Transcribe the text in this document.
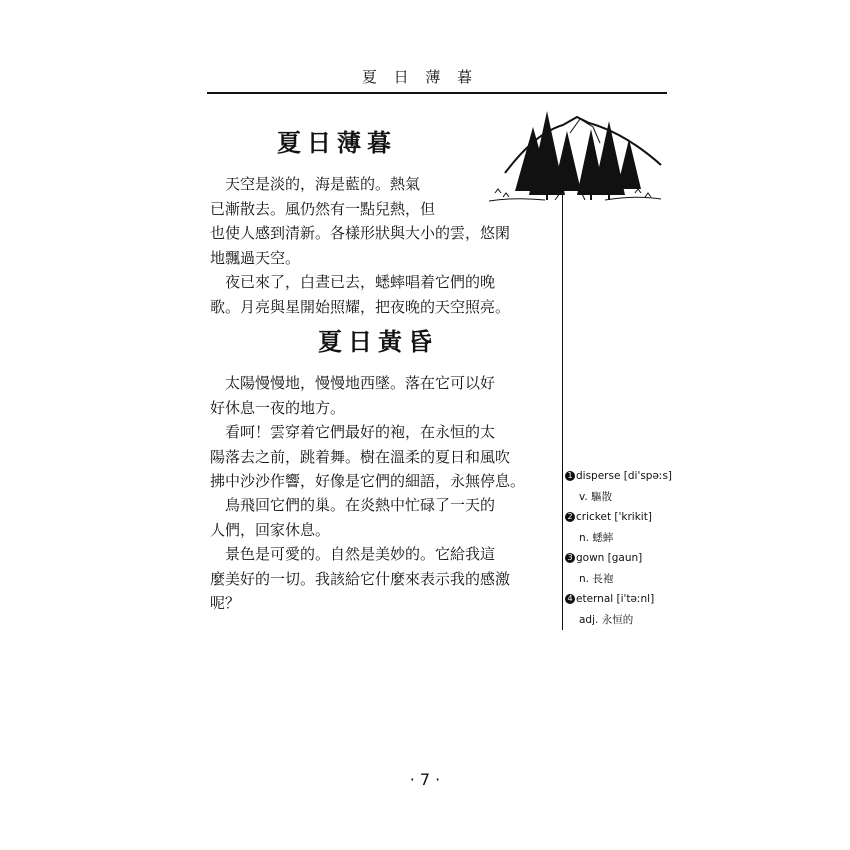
夏 日 薄 暮
夏日薄暮
　天空是淡的，海是藍的。熱氣
已漸散去。風仍然有一點兒熱，但
也使人感到清新。各樣形狀與大小的雲，悠閑
地飄過天空。
　夜已來了，白晝已去，蟋蟀唱着它們的晚
歌。月亮與星開始照耀，把夜晚的天空照亮。
夏日黃昏
　太陽慢慢地，慢慢地西墜。落在它可以好
好休息一夜的地方。
　看呵！雲穿着它們最好的袍，在永恒的太
陽落去之前，跳着舞。樹在溫柔的夏日和風吹
拂中沙沙作響，好像是它們的細語，永無停息。
　鳥飛回它們的巢。在炎熱中忙碌了一天的
人們，回家休息。
　景色是可愛的。自然是美妙的。它給我這
麼美好的一切。我該給它什麼來表示我的感激
呢？
1 disperse [di'spəːs]
v. 驅散
2 cricket ['krikit]
n. 蟋蟀
3 gown [gaun]
n. 長袍
4 eternal [i'təːnl]
adj. 永恒的
· 7 ·
